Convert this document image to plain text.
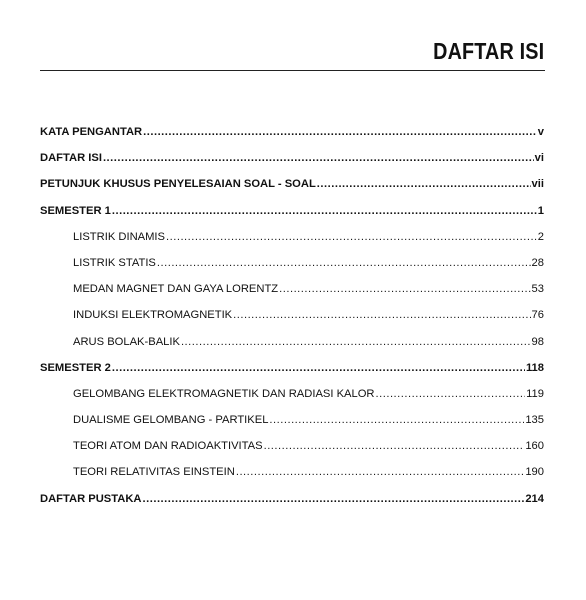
DAFTAR ISI
KATA PENGANTAR .....	v
DAFTAR ISI .....	vi
PETUNJUK KHUSUS PENYELESAIAN SOAL - SOAL .....	vii
SEMESTER 1 .....	1
LISTRIK DINAMIS .....	2
LISTRIK STATIS .....	28
MEDAN MAGNET DAN GAYA LORENTZ .....	53
INDUKSI ELEKTROMAGNETIK .....	76
ARUS BOLAK-BALIK .....	98
SEMESTER 2 .....	118
GELOMBANG ELEKTROMAGNETIK DAN RADIASI KALOR .....	119
DUALISME GELOMBANG - PARTIKEL .....	135
TEORI ATOM DAN RADIOAKTIVITAS .....	160
TEORI RELATIVITAS EINSTEIN .....	190
DAFTAR PUSTAKA .....	214
